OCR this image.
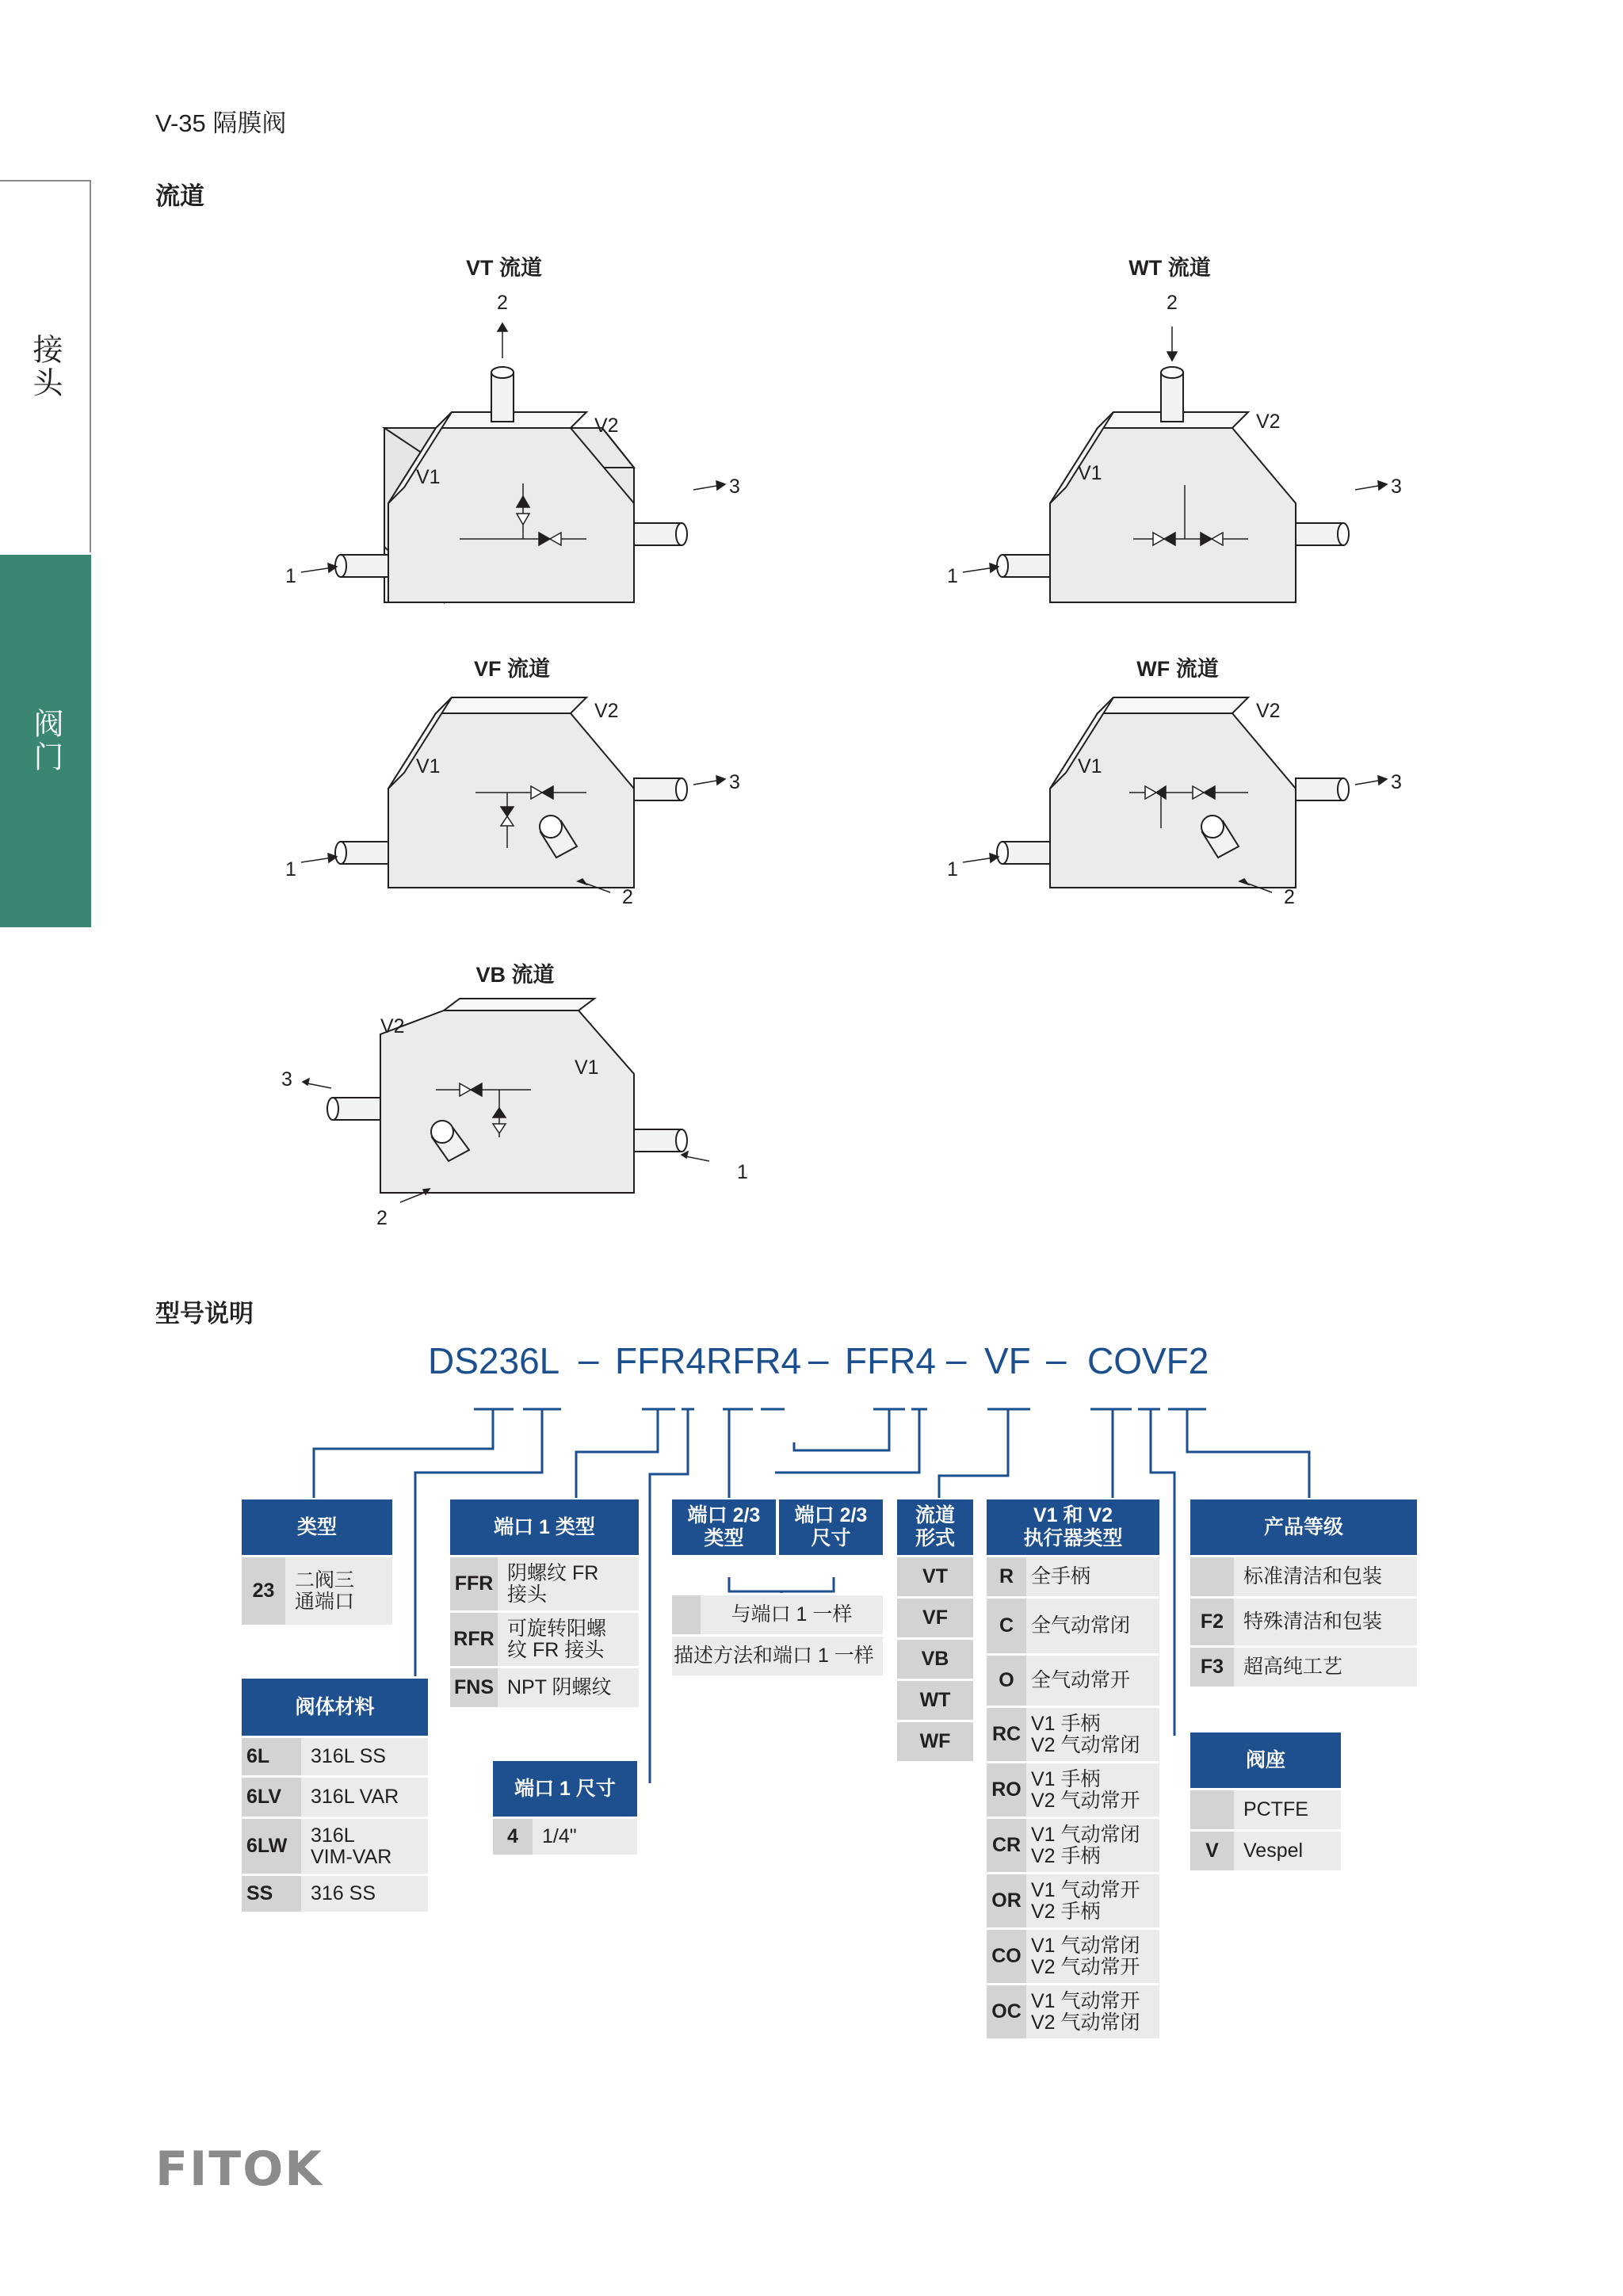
V-35 隔膜阀
接头
阀门
流道
VT 流道	WT 流道
VF 流道	WF 流道
VB 流道
2
1
3
V1
V2
2
1
3
V1
V2
1
3
2
V1
V2
1
3
2
V1
V2
3
1
2
V2
V1
型号说明
DS236L – FFR4RFR4 – FFR4 – VF – COVF2
类型
23	二阀三
通端口
阀体材料
6L	316L SS
6LV	316L VAR
6LW	316L
VIM-VAR
SS	316 SS
端口 1 类型
FFR 阴螺纹 FR
接头
RFR 可旋转阳螺
纹 FR 接头
FNS NPT 阴螺纹
端口 1 尺寸
4	1/4"
端口 2/3
类型
端口 2/3
尺寸
与端口 1 一样
描述方法和端口 1 一样
流道
形式
VT
VF
VB
WT
WF
V1 和 V2
执行器类型
R 全手柄
C 全气动常闭
O 全气动常开
RC V1 手柄
V2 气动常闭
RO V1 手柄
V2 气动常开
CR V1 气动常闭
V2 手柄
OR V1 气动常开
V2 手柄
CO V1 气动常闭
V2 气动常开
OC V1 气动常开
V2 气动常闭
产品等级
标准清洁和包装
F2 特殊清洁和包装
F3 超高纯工艺
阀座
PCTFE
V	Vespel
FITOK
